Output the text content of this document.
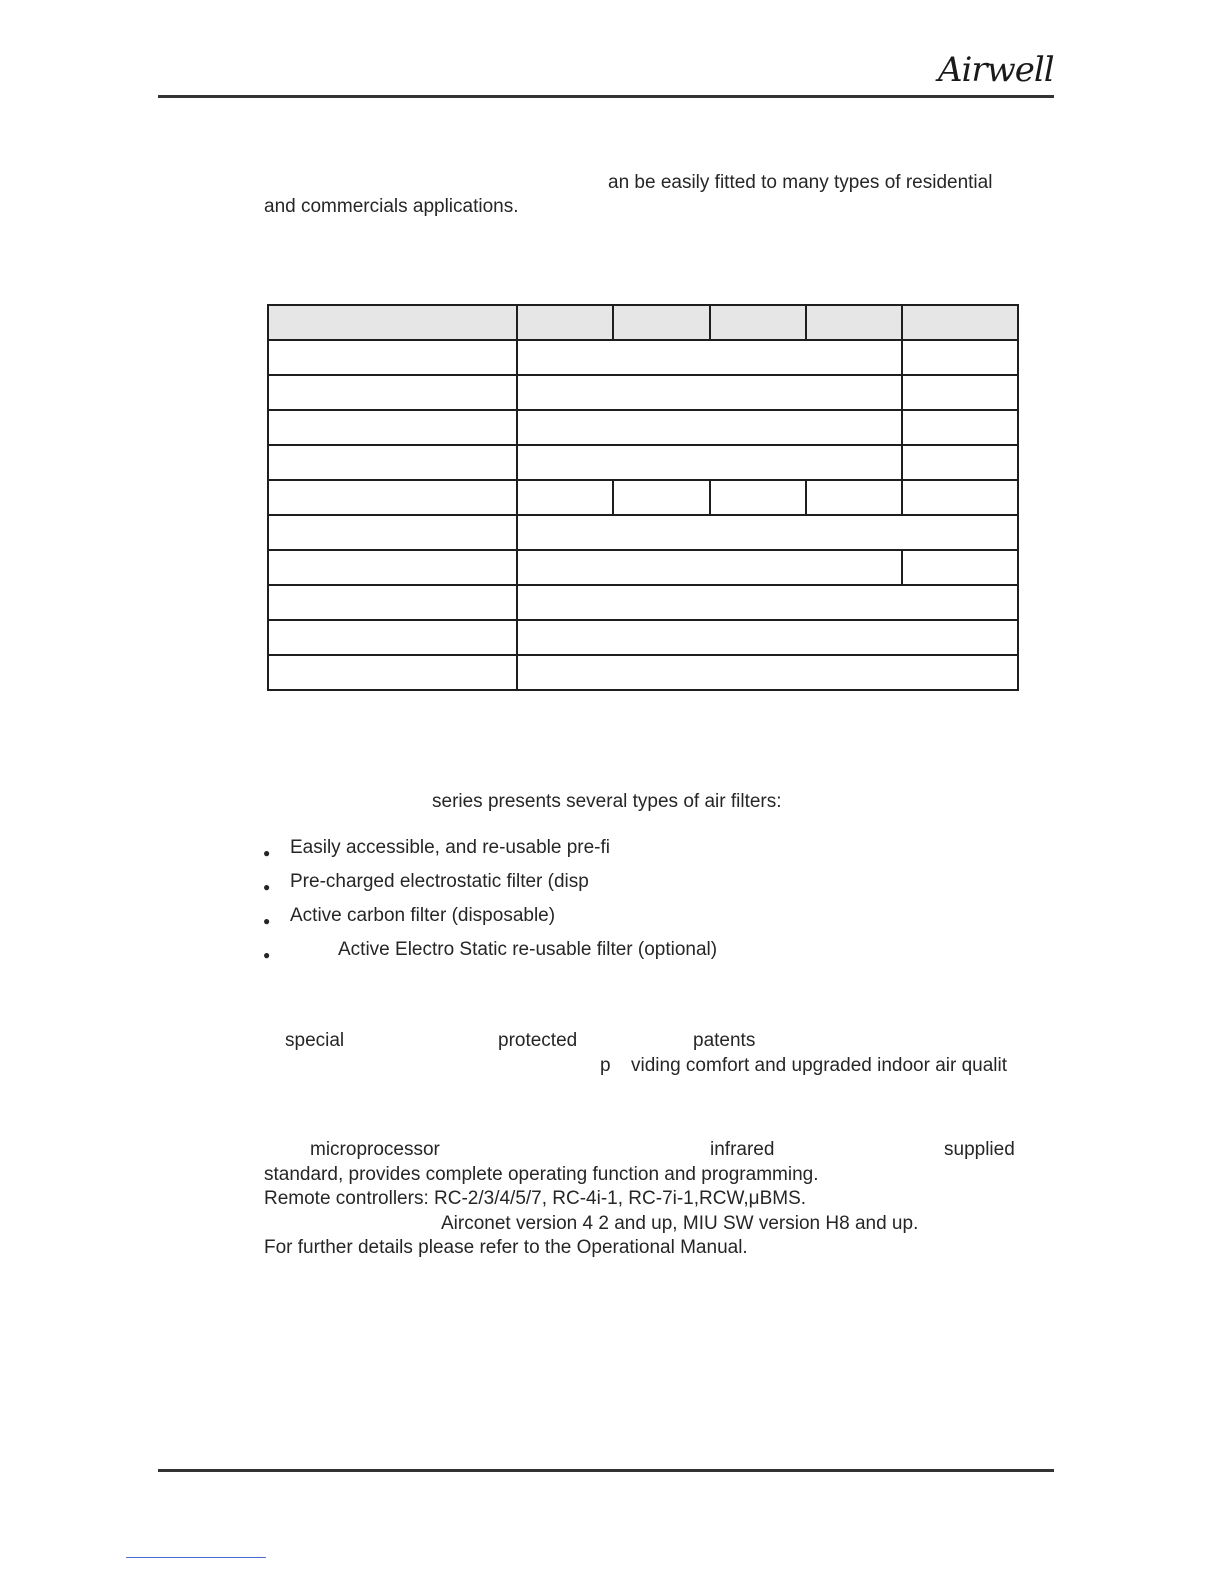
Airwell
an be easily fitted to many types of residential
and commercials applications.

series presents several types of air filters:
● Easily accessible, and re-usable pre-fi
● Pre-charged electrostatic filter (disp
● Active carbon filter (disposable)
●	Active Electro Static re-usable filter (optional)
special	protected	patents
p viding comfort and upgraded indoor air qualit
microprocessor	infrared	supplied
standard, provides complete operating function and programming.
Remote controllers: RC-2/3/4/5/7, RC-4i-1, RC-7i-1,RCW,μBMS.
Airconet version 4 2 and up, MIU SW version H8 and up.
For further details please refer to the Operational Manual.
